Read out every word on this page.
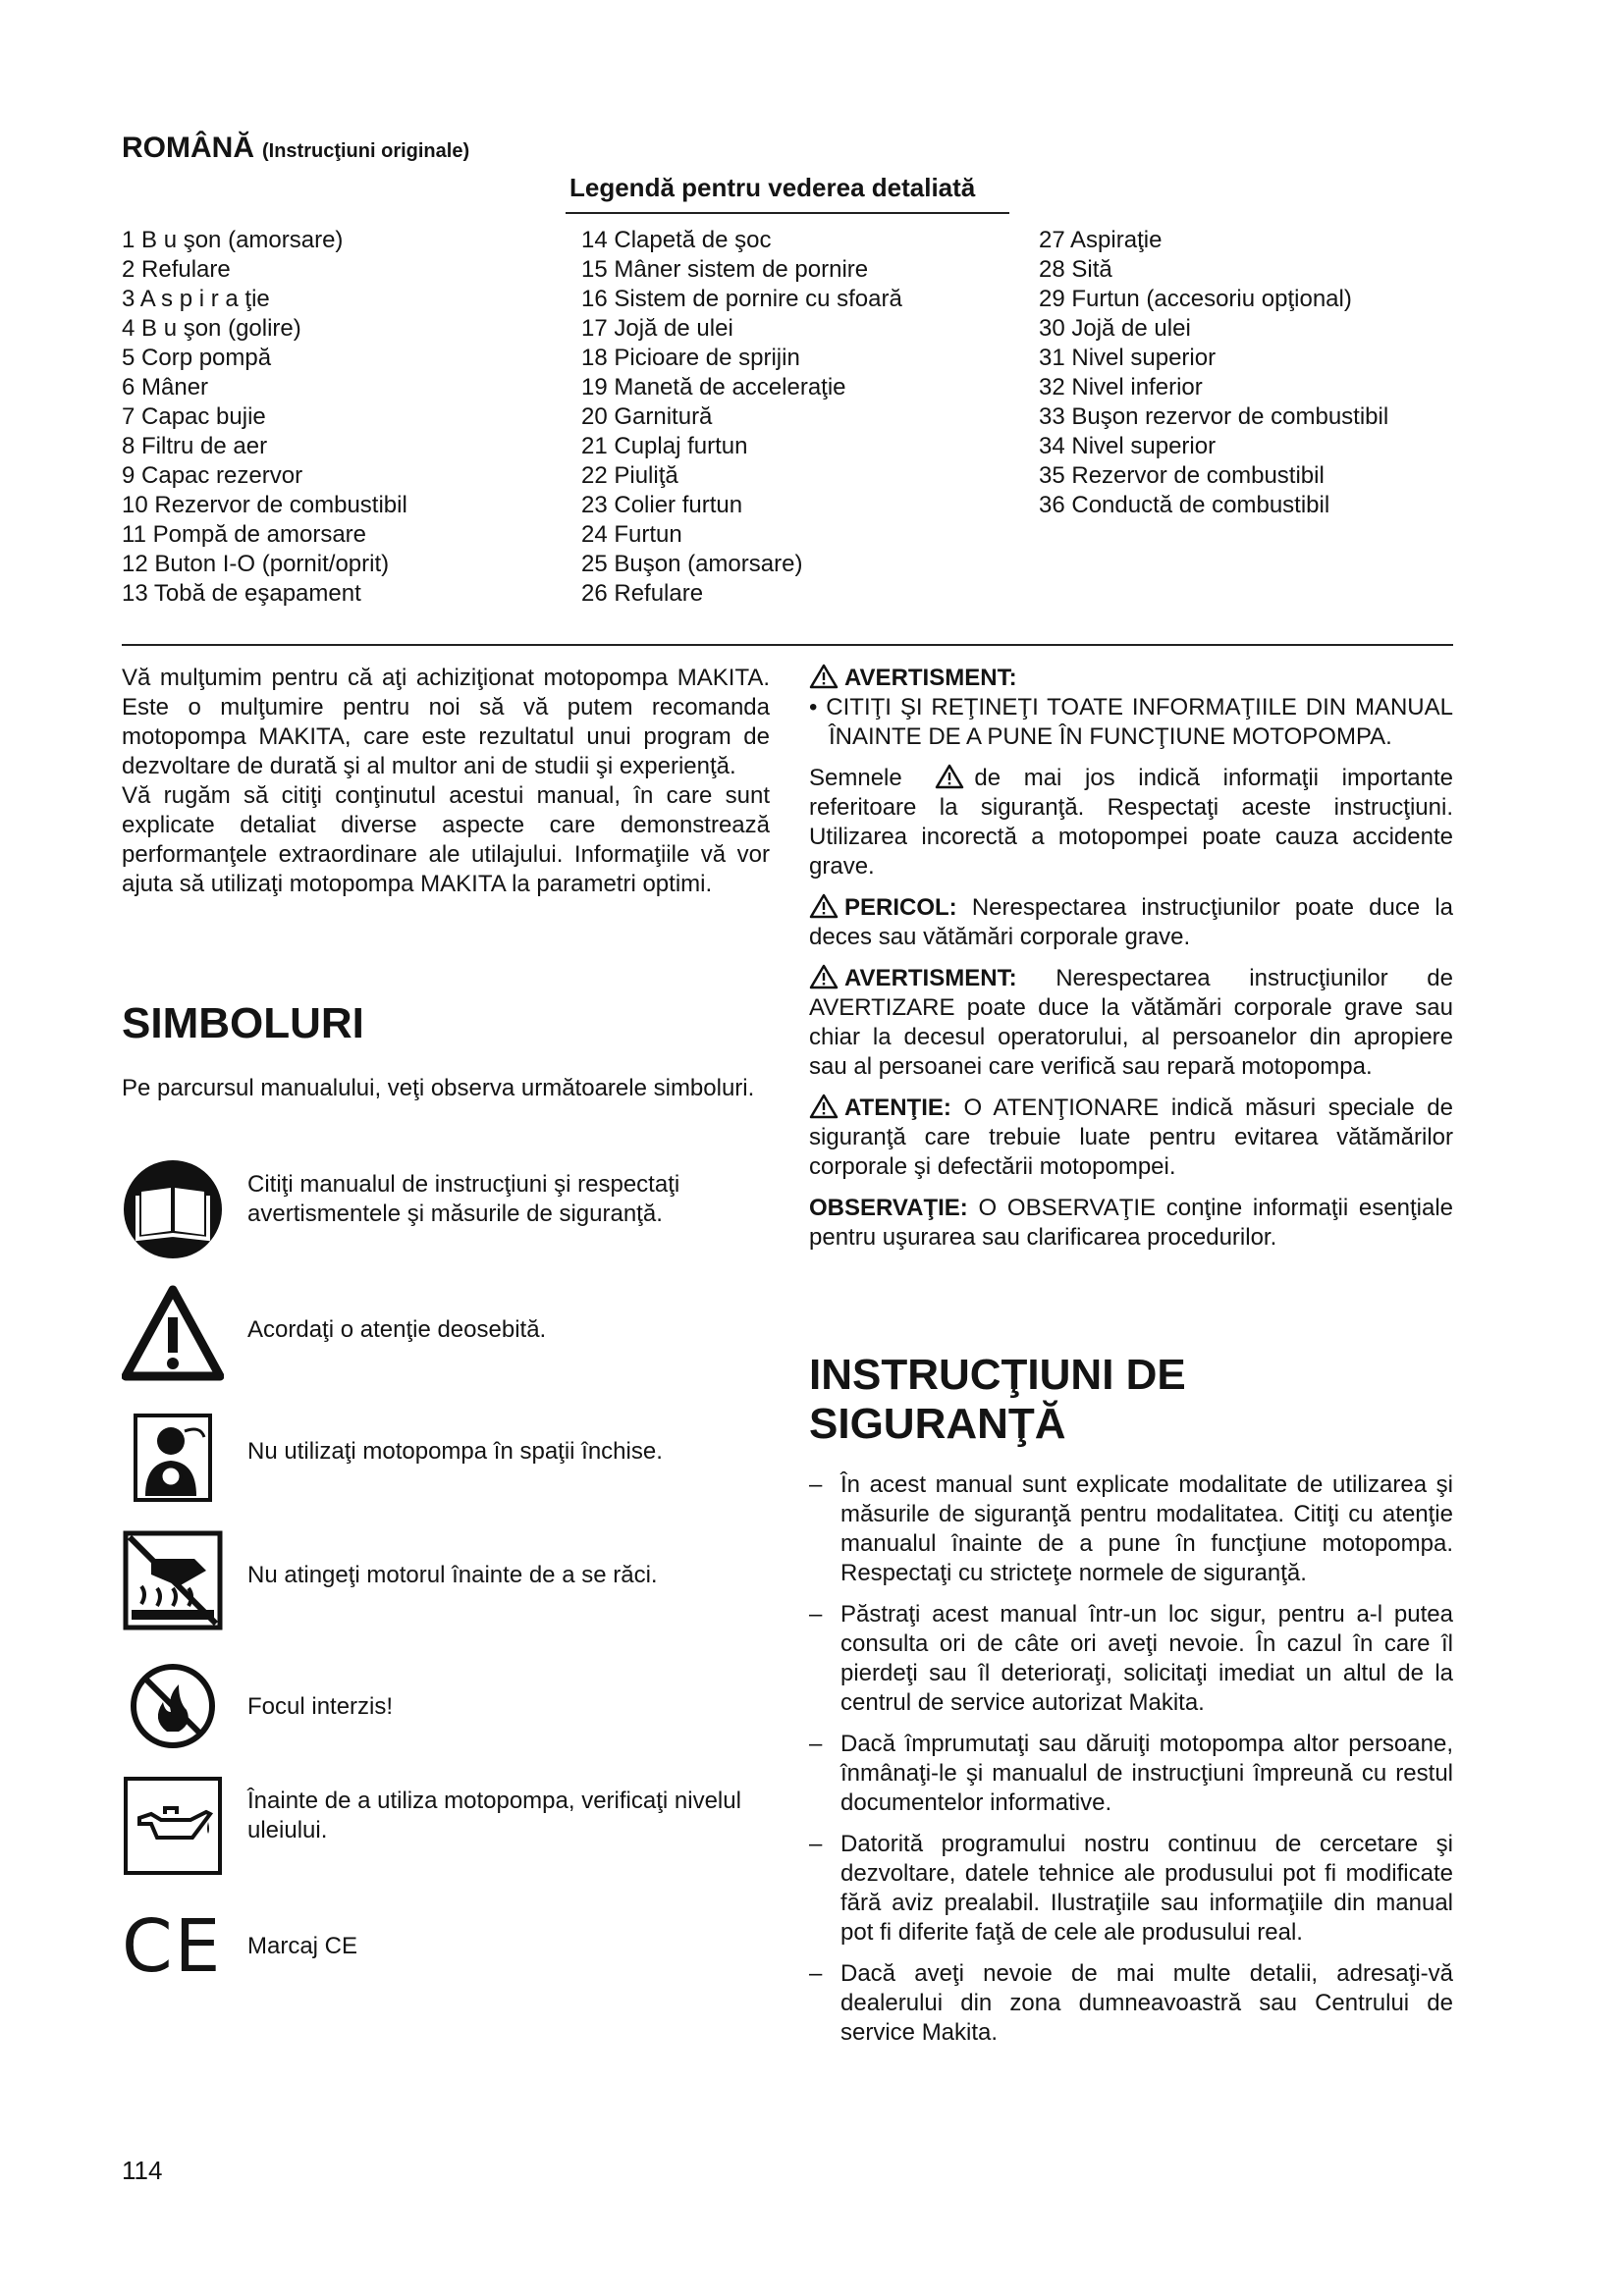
ROMÂNĂ (Instrucţiuni originale)
Legendă pentru vederea detaliată
1 B u şon (amorsare)
2 Refulare
3 A s p i r a ţie
4 B u şon (golire)
5 Corp pompă
6 Mâner
7 Capac bujie
8 Filtru de aer
9 Capac rezervor
10 Rezervor de combustibil
11 Pompă de amorsare
12 Buton I-O (pornit/oprit)
13 Tobă de eşapament
14 Clapetă de şoc
15 Mâner sistem de pornire
16 Sistem de pornire cu sfoară
17 Jojă de ulei
18 Picioare de sprijin
19 Manetă de acceleraţie
20 Garnitură
21 Cuplaj furtun
22 Piuliţă
23 Colier furtun
24 Furtun
25 Buşon (amorsare)
26 Refulare
27 Aspiraţie
28 Sită
29 Furtun (accesoriu opţional)
30 Jojă de ulei
31 Nivel superior
32 Nivel inferior
33 Buşon rezervor de combustibil
34 Nivel superior
35 Rezervor de combustibil
36 Conductă de combustibil

Vă mulţumim pentru că aţi achiziţionat motopompa MAKITA. Este o mulţumire pentru noi să vă putem recomanda motopompa MAKITA, care este rezultatul unui program de dezvoltare de durată şi al multor ani de studii şi experienţă.

Vă rugăm să citiţi conţinutul acestui manual, în care sunt explicate detaliat diverse aspecte care demonstrează performanţele extraordinare ale utilajului. Informaţiile vă vor ajuta să utilizaţi motopompa MAKITA la parametri optimi.

SIMBOLURI

Pe parcursul manualului, veţi observa următoarele simboluri.

Citiţi manualul de instrucţiuni şi respectaţi avertismentele şi măsurile de siguranţă.
Acordaţi o atenţie deosebită.
Nu utilizaţi motopompa în spaţii închise.
Nu atingeţi motorul înainte de a se răci.
Focul interzis!
Înainte de a utiliza motopompa, verificaţi nivelul uleiului.
CE Marcaj CE
AVERTISMENT:

• CITIŢI ŞI REŢINEŢI TOATE INFORMAŢIILE DIN MANUAL ÎNAINTE DE A PUNE ÎN FUNCŢIUNE MOTOPOMPA.

Semnele	de mai jos indică informaţii importante referitoare la siguranţă. Respectaţi aceste instrucţiuni. Utilizarea incorectă a motopompei poate cauza accidente grave.

PERICOL: Nerespectarea instrucţiunilor poate duce la deces sau vătămări corporale grave.

AVERTISMENT: Nerespectarea instrucţiunilor de AVERTIZARE poate duce la vătămări corporale grave sau chiar la decesul operatorului, al persoanelor din apropiere sau al persoanei care verifică sau repară motopompa.

ATENŢIE: O ATENŢIONARE indică măsuri speciale de siguranţă care trebuie luate pentru evitarea vătămărilor corporale şi defectării motopompei.

OBSERVAŢIE: O OBSERVAŢIE conţine informaţii esenţiale pentru uşurarea sau clarificarea procedurilor.

INSTRUCŢIUNI DE
SIGURANŢĂ
– În acest manual sunt explicate modalitate de utilizarea şi măsurile de siguranţă pentru modalitatea. Citiţi cu atenţie manualul înainte de a pune în funcţiune motopompa. Respectaţi cu stricteţe normele de siguranţă.
– Păstraţi acest manual într-un loc sigur, pentru a-l putea consulta ori de câte ori aveţi nevoie. În cazul în care îl pierdeţi sau îl deterioraţi, solicitaţi imediat un altul de la centrul de service autorizat Makita.
– Dacă împrumutaţi sau dăruiţi motopompa altor persoane, înmânaţi-le şi manualul de instrucţiuni împreună cu restul documentelor informative.
– Datorită programului nostru continuu de cercetare şi dezvoltare, datele tehnice ale produsului pot fi modificate fără aviz prealabil. Ilustraţiile sau informaţiile din manual pot fi diferite faţă de cele ale produsului real.
– Dacă aveţi nevoie de mai multe detalii, adresaţi-vă dealerului din zona dumneavoastră sau Centrului de service Makita.
114
